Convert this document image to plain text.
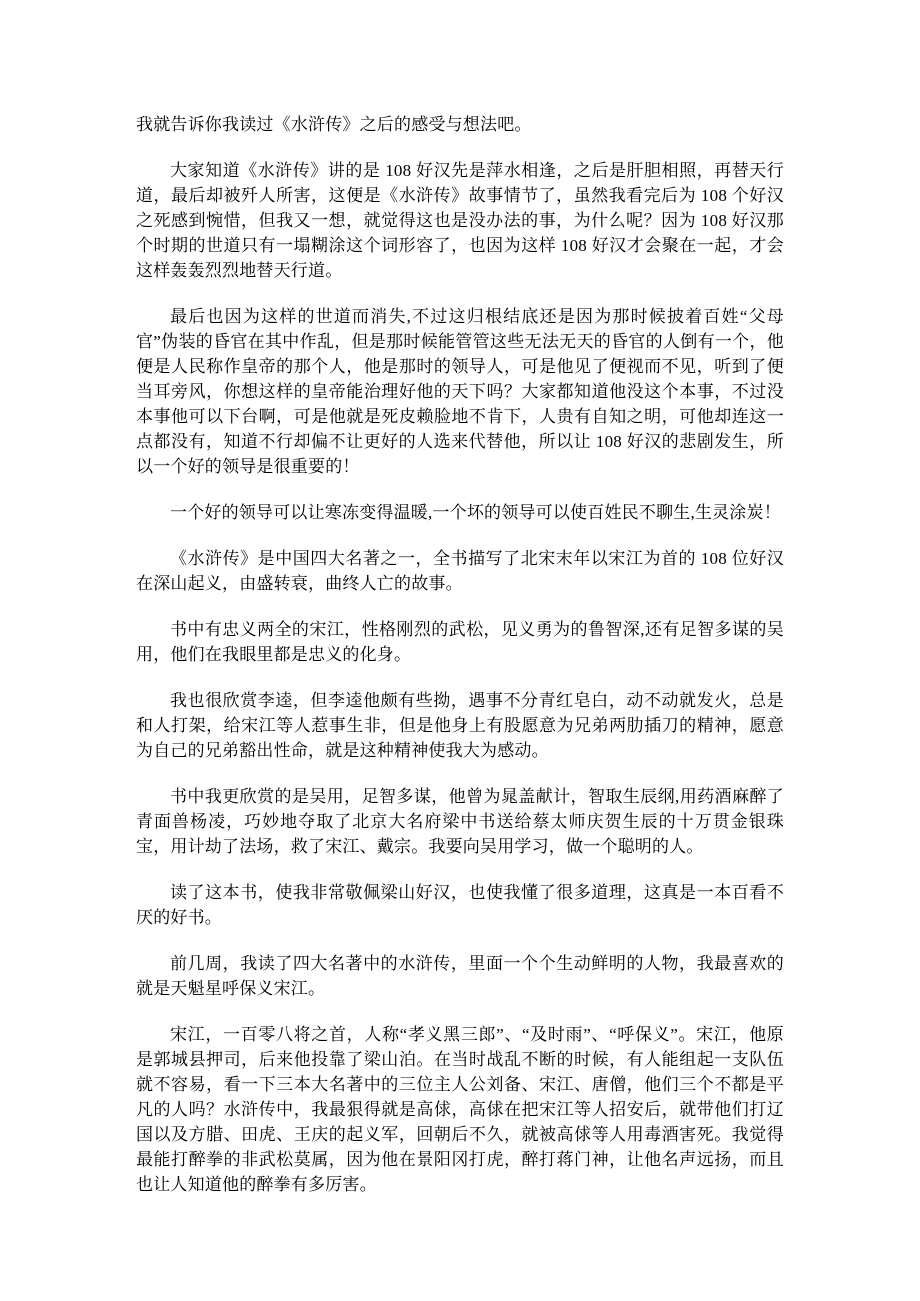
我就告诉你我读过《水浒传》之后的感受与想法吧。

大家知道《水浒传》讲的是 108 好汉先是萍水相逢，之后是肝胆相照，再替天行道，最后却被歼人所害，这便是《水浒传》故事情节了，虽然我看完后为 108 个好汉之死感到惋惜，但我又一想，就觉得这也是没办法的事，为什么呢？因为 108 好汉那个时期的世道只有一塌糊涂这个词形容了，也因为这样 108 好汉才会聚在一起，才会这样轰轰烈烈地替天行道。

最后也因为这样的世道而消失,不过这归根结底还是因为那时候披着百姓“父母官”伪装的昏官在其中作乱，但是那时候能管管这些无法无天的昏官的人倒有一个，他便是人民称作皇帝的那个人，他是那时的领导人，可是他见了便视而不见，听到了便当耳旁风，你想这样的皇帝能治理好他的天下吗？大家都知道他没这个本事，不过没本事他可以下台啊，可是他就是死皮赖脸地不肯下，人贵有自知之明，可他却连这一点都没有，知道不行却偏不让更好的人选来代替他，所以让 108 好汉的悲剧发生，所以一个好的领导是很重要的！

一个好的领导可以让寒冻变得温暖,一个坏的领导可以使百姓民不聊生,生灵涂炭！

《水浒传》是中国四大名著之一，全书描写了北宋末年以宋江为首的 108 位好汉在深山起义，由盛转衰，曲终人亡的故事。

书中有忠义两全的宋江，性格刚烈的武松，见义勇为的鲁智深,还有足智多谋的吴用，他们在我眼里都是忠义的化身。

我也很欣赏李逵，但李逵他颇有些拗，遇事不分青红皂白，动不动就发火，总是和人打架，给宋江等人惹事生非，但是他身上有股愿意为兄弟两肋插刀的精神，愿意为自己的兄弟豁出性命，就是这种精神使我大为感动。

书中我更欣赏的是吴用，足智多谋，他曾为晁盖献计，智取生辰纲,用药酒麻醉了青面兽杨凌，巧妙地夺取了北京大名府梁中书送给蔡太师庆贺生辰的十万贯金银珠宝，用计劫了法场，救了宋江、戴宗。我要向吴用学习，做一个聪明的人。

读了这本书，使我非常敬佩梁山好汉，也使我懂了很多道理，这真是一本百看不厌的好书。

前几周，我读了四大名著中的水浒传，里面一个个生动鲜明的人物，我最喜欢的就是天魁星呼保义宋江。

宋江，一百零八将之首，人称“孝义黑三郎”、“及时雨”、“呼保义”。宋江，他原是郭城县押司，后来他投靠了梁山泊。在当时战乱不断的时候，有人能组起一支队伍就不容易，看一下三本大名著中的三位主人公刘备、宋江、唐僧，他们三个不都是平凡的人吗？水浒传中，我最狠得就是高俅，高俅在把宋江等人招安后，就带他们打辽国以及方腊、田虎、王庆的起义军，回朝后不久，就被高俅等人用毒酒害死。我觉得最能打醉拳的非武松莫属，因为他在景阳冈打虎，醉打蒋门神，让他名声远扬，而且也让人知道他的醉拳有多厉害。
